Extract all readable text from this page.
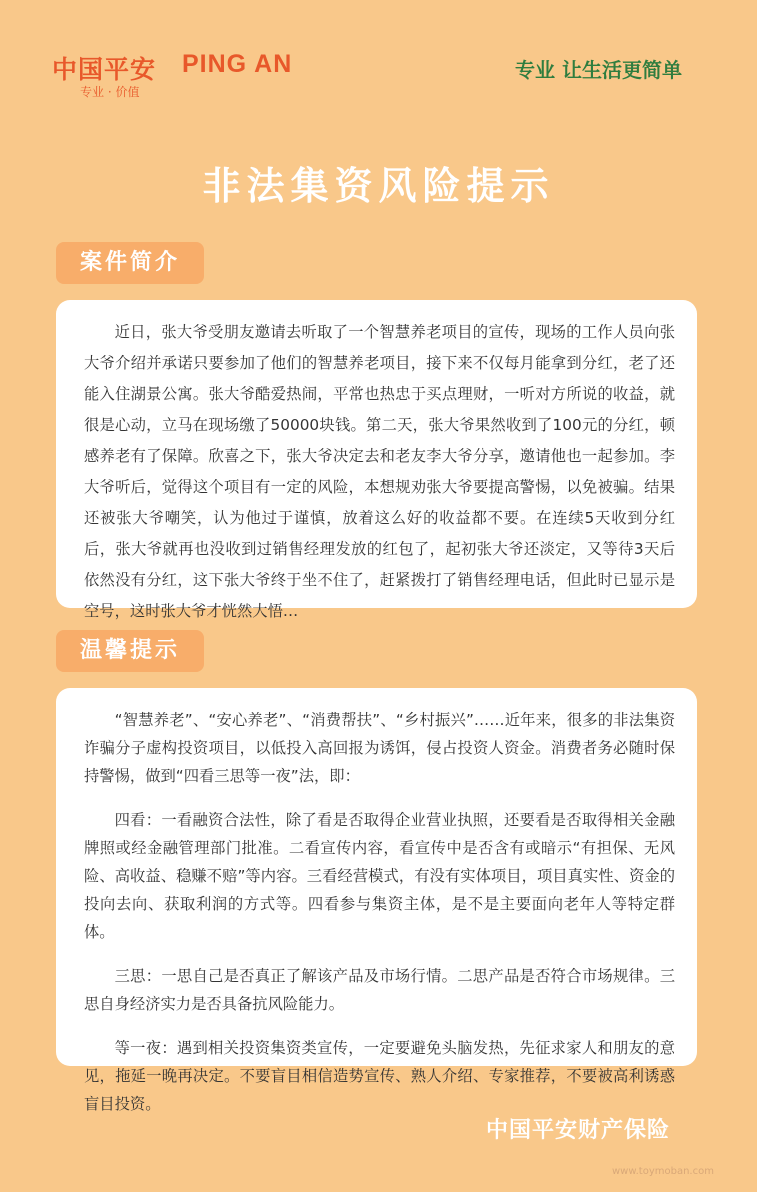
中国平安 PING AN
专业 · 价值
专业 让生活更简单
非法集资风险提示
案件简介

近日，张大爷受朋友邀请去听取了一个智慧养老项目的宣传，现场的工作人员向张大爷介绍并承诺只要参加了他们的智慧养老项目，接下来不仅每月能拿到分红，老了还能入住湖景公寓。张大爷酷爱热闹，平常也热忠于买点理财，一听对方所说的收益，就很是心动，立马在现场缴了50000块钱。第二天，张大爷果然收到了100元的分红，顿感养老有了保障。欣喜之下，张大爷决定去和老友李大爷分享，邀请他也一起参加。李大爷听后，觉得这个项目有一定的风险，本想规劝张大爷要提高警惕，以免被骗。结果还被张大爷嘲笑，认为他过于谨慎，放着这么好的收益都不要。在连续5天收到分红后，张大爷就再也没收到过销售经理发放的红包了，起初张大爷还淡定，又等待3天后依然没有分红，这下张大爷终于坐不住了，赶紧拨打了销售经理电话，但此时已显示是空号，这时张大爷才恍然大悟…

温馨提示

“智慧养老”、“安心养老”、“消费帮扶”、“乡村振兴”……近年来，很多的非法集资诈骗分子虚构投资项目，以低投入高回报为诱饵，侵占投资人资金。消费者务必随时保持警惕，做到“四看三思等一夜”法，即：

四看：一看融资合法性，除了看是否取得企业营业执照，还要看是否取得相关金融牌照或经金融管理部门批准。二看宣传内容，看宣传中是否含有或暗示“有担保、无风险、高收益、稳赚不赔”等内容。三看经营模式，有没有实体项目，项目真实性、资金的投向去向、获取利润的方式等。四看参与集资主体，是不是主要面向老年人等特定群体。

三思：一思自己是否真正了解该产品及市场行情。二思产品是否符合市场规律。三思自身经济实力是否具备抗风险能力。

等一夜：遇到相关投资集资类宣传，一定要避免头脑发热，先征求家人和朋友的意见，拖延一晚再决定。不要盲目相信造势宣传、熟人介绍、专家推荐，不要被高利诱惑盲目投资。

中国平安财产保险
www.toymoban.com
